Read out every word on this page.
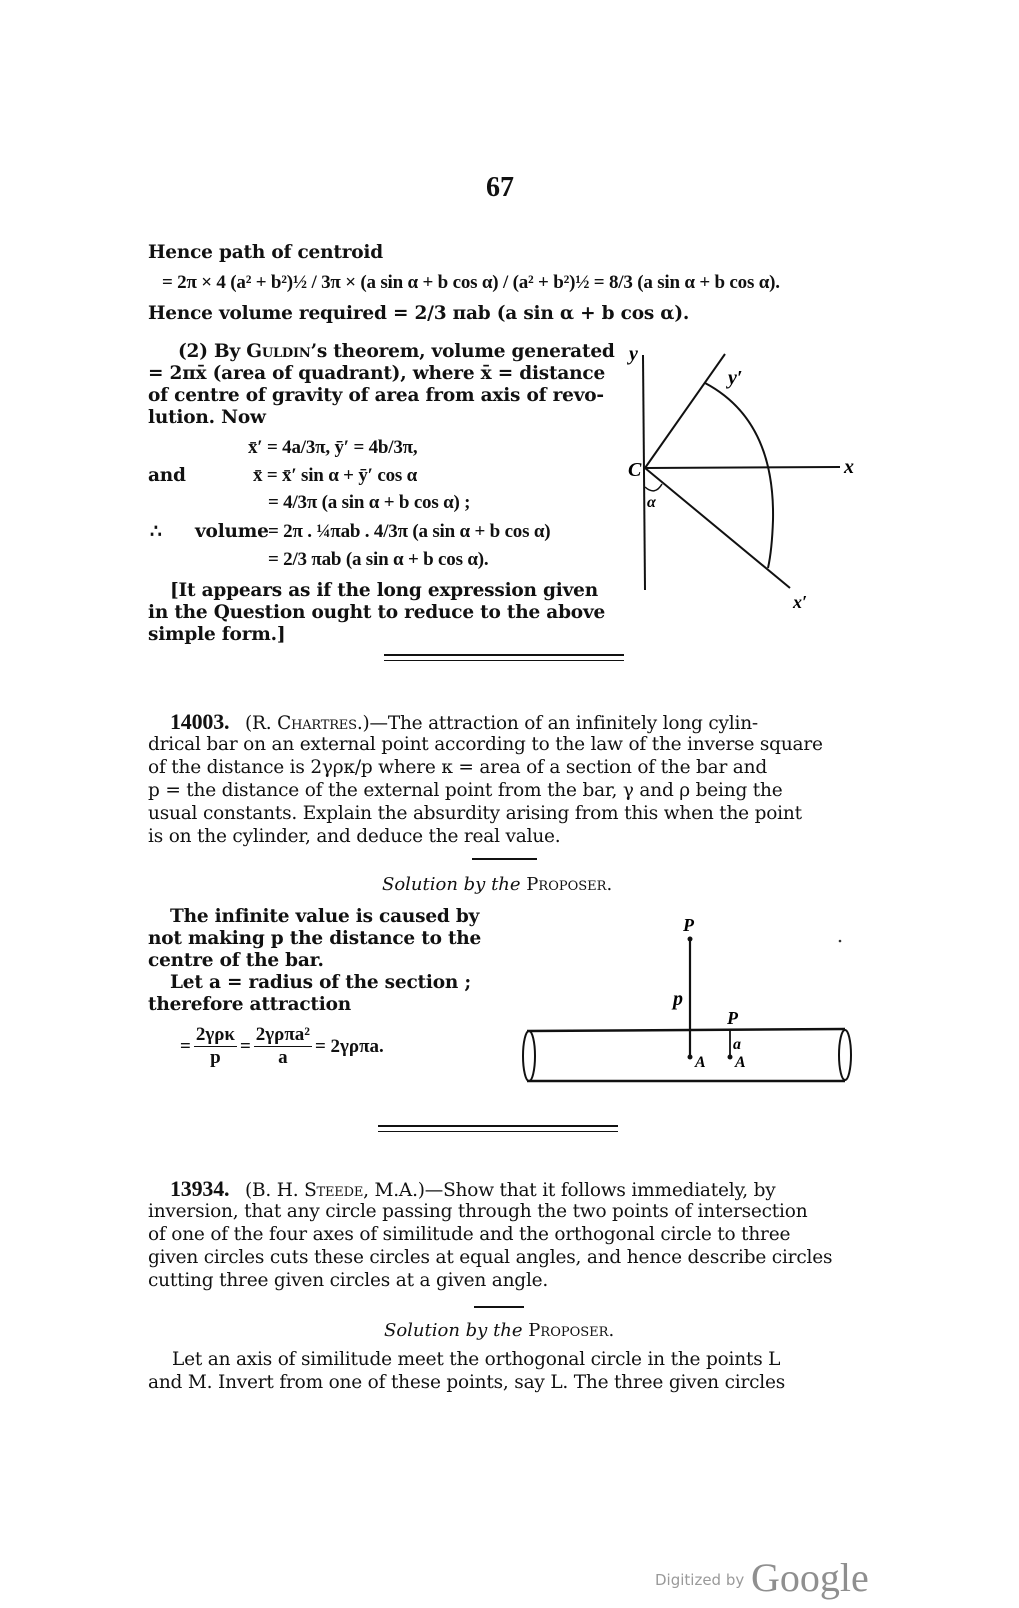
67
Hence path of centroid
= 2π × 4 (a² + b²)½ / 3π × (a sin α + b cos α) / (a² + b²)½ = 8/3 (a sin α + b cos α).
Hence volume required = 2/3 πab (a sin α + b cos α).
(2) By Guldin’s theorem, volume generated
= 2πx̄ (area of quadrant), where x̄ = distance
of centre of gravity of area from axis of revo-
lution. Now
x̄′ = 4a/3π, ȳ′ = 4b/3π,
and	x̄ = x̄′ sin α + ȳ′ cos α
= 4/3π (a sin α + b cos α) ;
∴ volume = 2π . ¼πab . 4/3π (a sin α + b cos α)
= 2/3 πab (a sin α + b cos α).
[It appears as if the long expression given
in the Question ought to reduce to the above
simple form.]
y
y′
C	x
x′
α
14003. (R. Chartres.)—The attraction of an infinitely long cylin-
drical bar on an external point according to the law of the inverse square
of the distance is 2γρκ/p where κ = area of a section of the bar and
p = the distance of the external point from the bar, γ and ρ being the
usual constants. Explain the absurdity arising from this when the point
is on the cylinder, and deduce the real value.
Solution by the Proposer.
The infinite value is caused by
not making p the distance to the
centre of the bar.
Let a = radius of the section ;
therefore attraction
= $\frac{\text{2γρκ}}{p} = \frac{\text{2γρπa²}}{a} = 2\gamma\rho\pi a$.
P
p
P
a
A A
13934. (B. H. Steede, M.A.)—Show that it follows immediately, by
inversion, that any circle passing through the two points of intersection
of one of the four axes of similitude and the orthogonal circle to three
given circles cuts these circles at equal angles, and hence describe circles
cutting three given circles at a given angle.
Solution by the Proposer.
Let an axis of similitude meet the orthogonal circle in the points L
and M. Invert from one of these points, say L. The three given circles
Digitized by Google
